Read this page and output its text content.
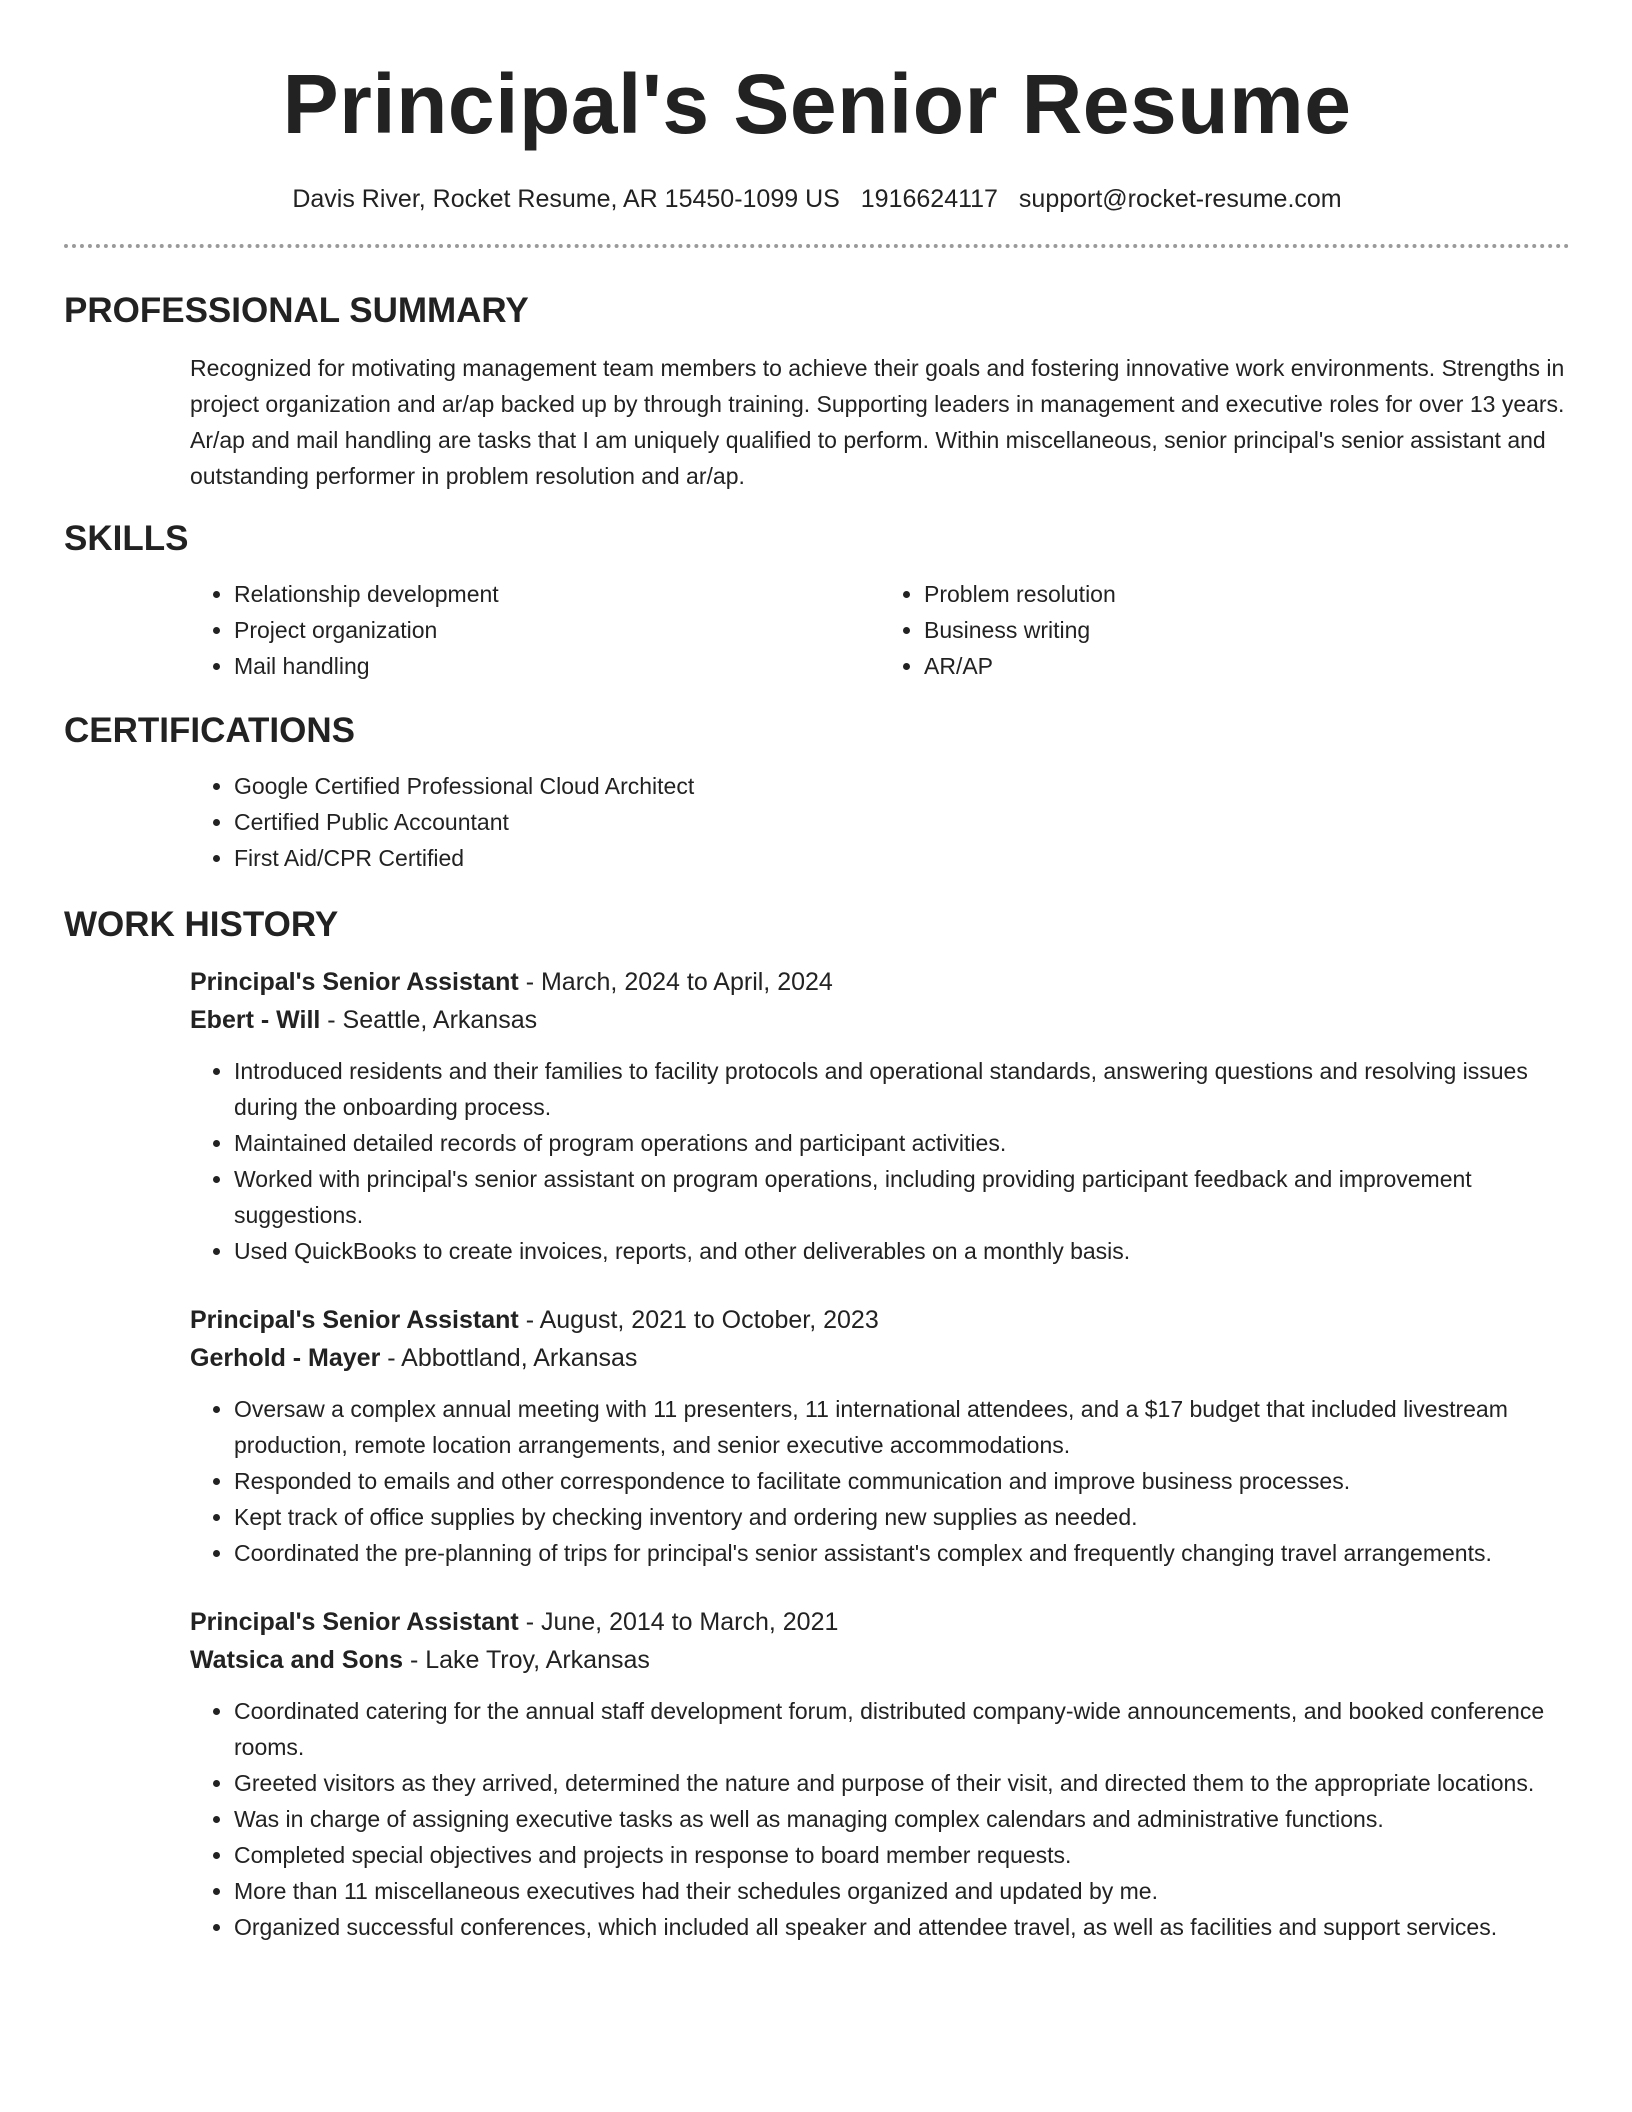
Principal's Senior Resume
Davis River, Rocket Resume, AR 15450-1099 US 1916624117 support@rocket-resume.com
PROFESSIONAL SUMMARY

Recognized for motivating management team members to achieve their goals and fostering innovative work environments. Strengths in project organization and ar/ap backed up by through training. Supporting leaders in management and executive roles for over 13 years. Ar/ap and mail handling are tasks that I am uniquely qualified to perform. Within miscellaneous, senior principal's senior assistant and outstanding performer in problem resolution and ar/ap.

SKILLS
• Relationship development
• Project organization
• Mail handling
• Problem resolution
• Business writing
• AR/AP
CERTIFICATIONS
• Google Certified Professional Cloud Architect
• Certified Public Accountant
• First Aid/CPR Certified
WORK HISTORY
Principal's Senior Assistant - March, 2024 to April, 2024
Ebert - Will - Seattle, Arkansas
• Introduced residents and their families to facility protocols and operational standards, answering questions and resolving issues during the onboarding process.
• Maintained detailed records of program operations and participant activities.
• Worked with principal's senior assistant on program operations, including providing participant feedback and improvement suggestions.
• Used QuickBooks to create invoices, reports, and other deliverables on a monthly basis.
Principal's Senior Assistant - August, 2021 to October, 2023
Gerhold - Mayer - Abbottland, Arkansas
• Oversaw a complex annual meeting with 11 presenters, 11 international attendees, and a $17 budget that included livestream production, remote location arrangements, and senior executive accommodations.
• Responded to emails and other correspondence to facilitate communication and improve business processes.
• Kept track of office supplies by checking inventory and ordering new supplies as needed.
• Coordinated the pre-planning of trips for principal's senior assistant's complex and frequently changing travel arrangements.
Principal's Senior Assistant - June, 2014 to March, 2021
Watsica and Sons - Lake Troy, Arkansas
• Coordinated catering for the annual staff development forum, distributed company-wide announcements, and booked conference rooms.
• Greeted visitors as they arrived, determined the nature and purpose of their visit, and directed them to the appropriate locations.
• Was in charge of assigning executive tasks as well as managing complex calendars and administrative functions.
• Completed special objectives and projects in response to board member requests.
• More than 11 miscellaneous executives had their schedules organized and updated by me.
• Organized successful conferences, which included all speaker and attendee travel, as well as facilities and support services.
